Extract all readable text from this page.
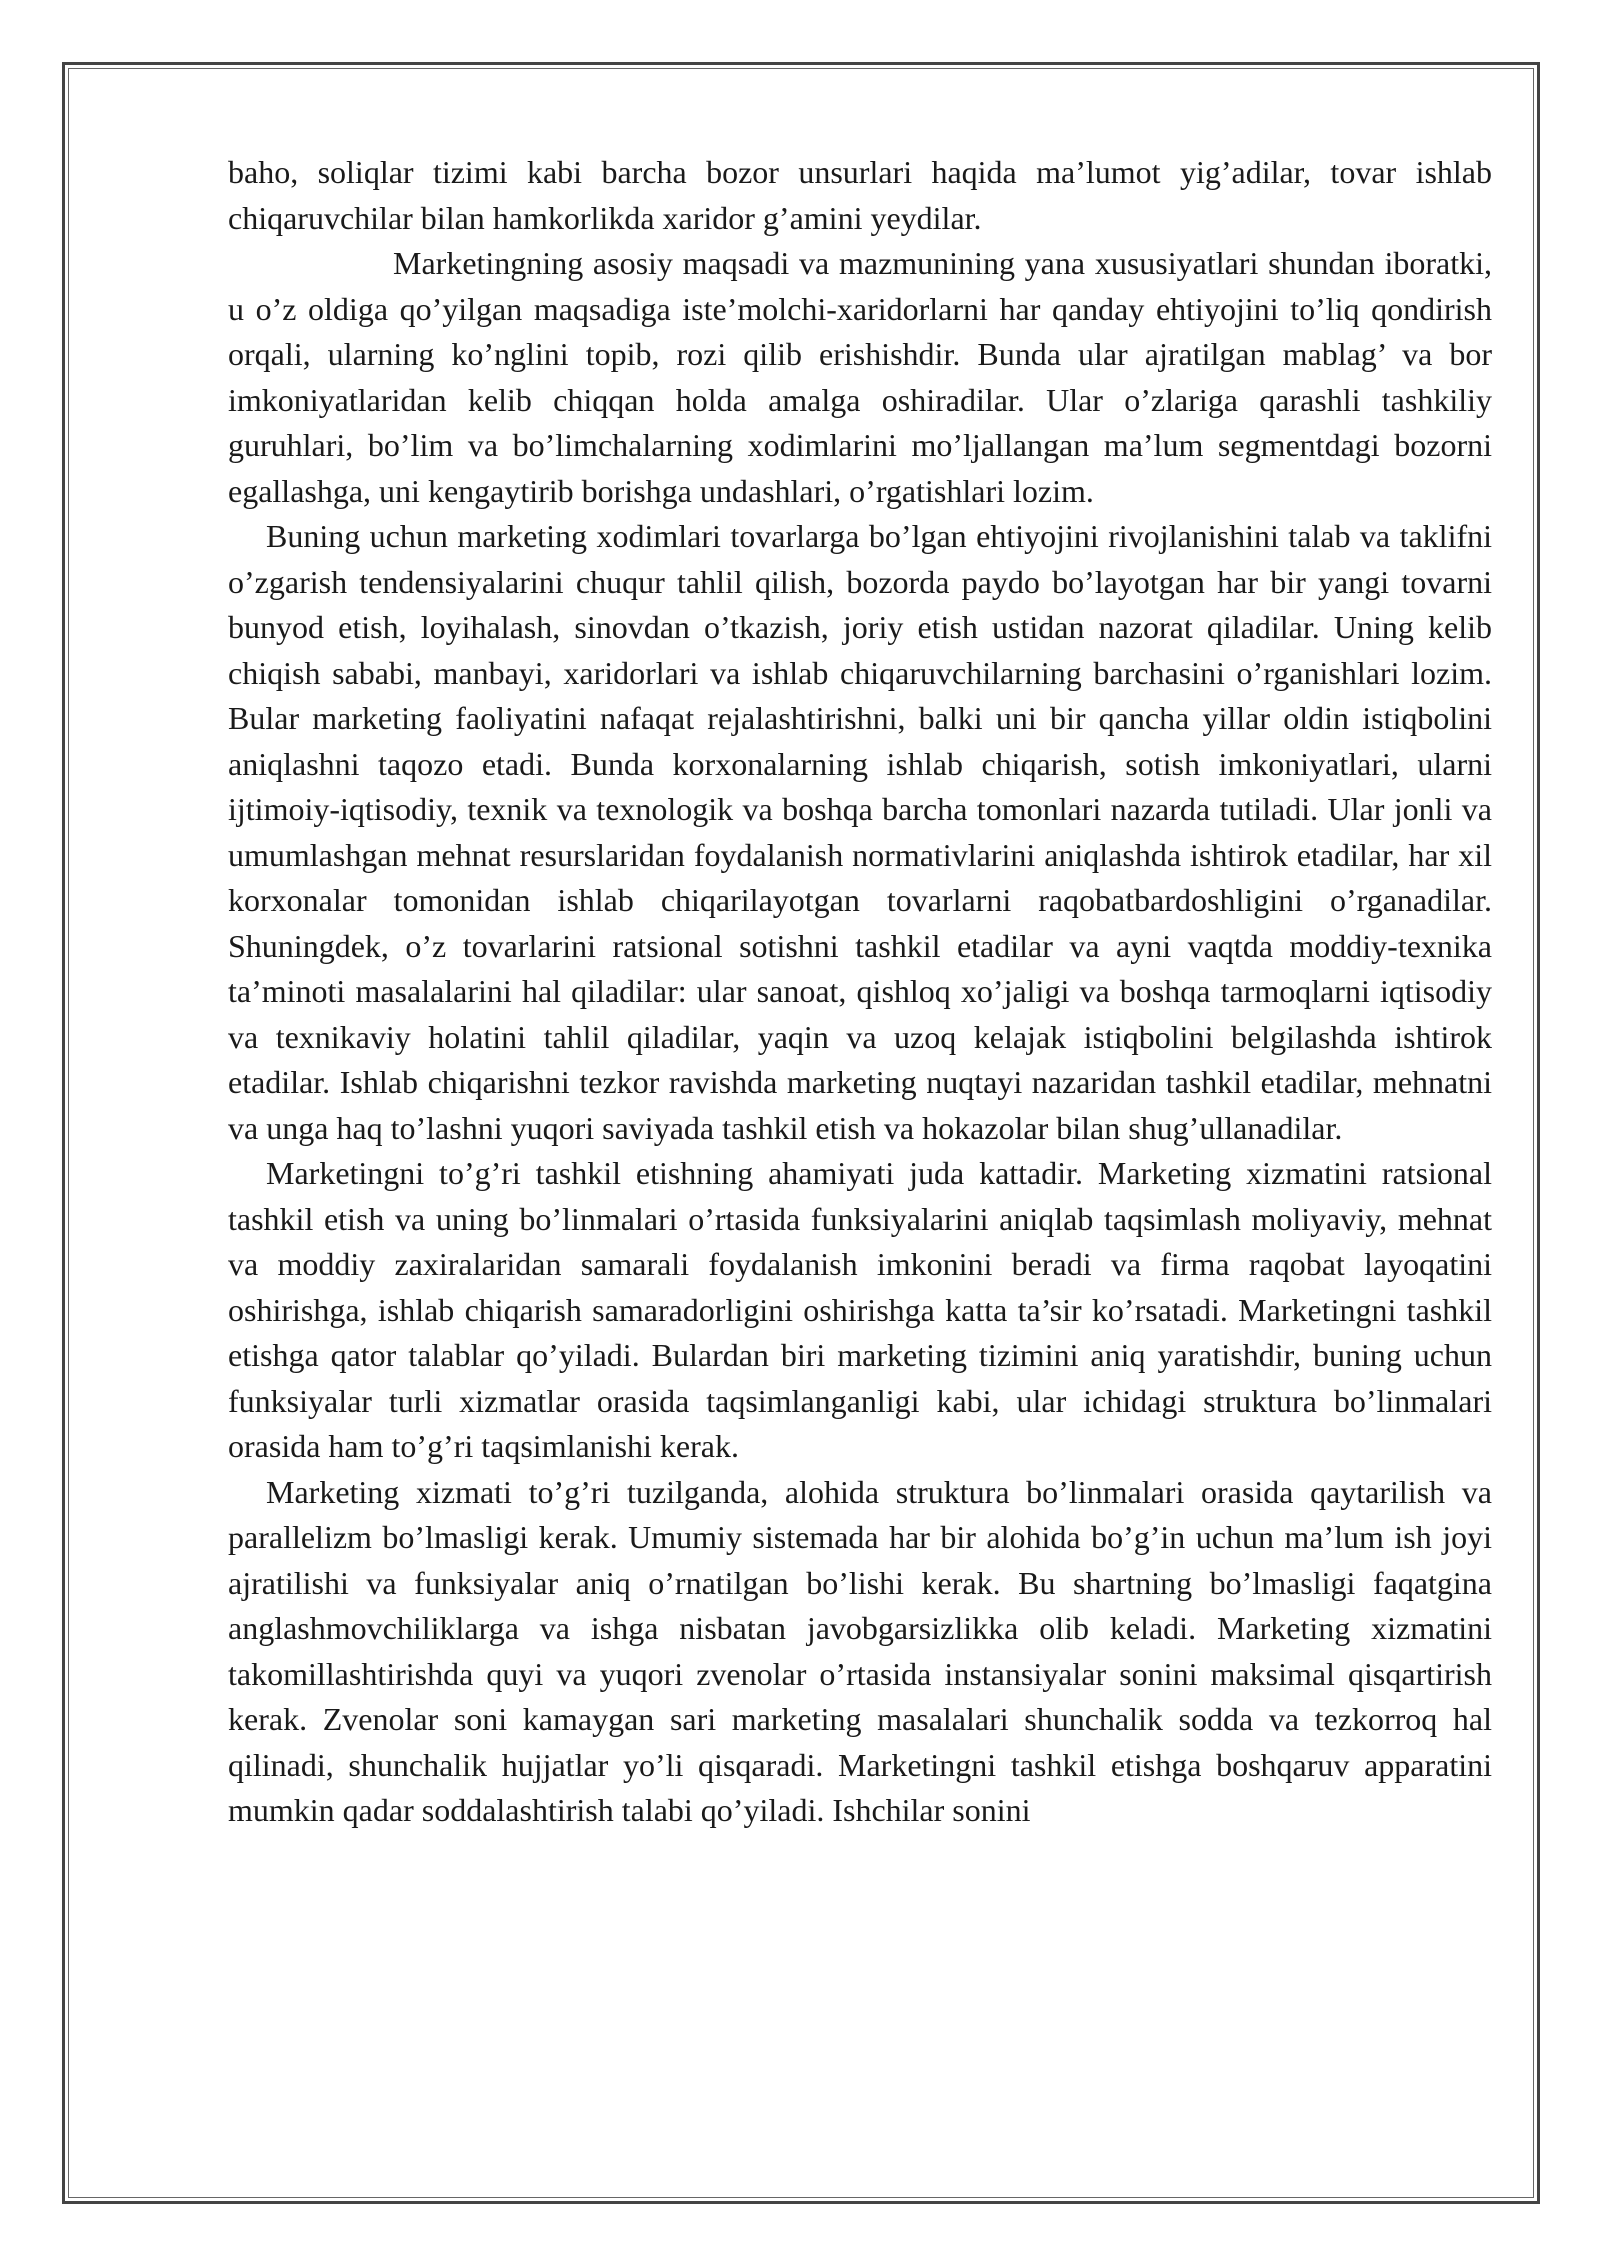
baho, soliqlar tizimi kabi barcha bozor unsurlari haqida ma’lumot yig’adilar, tovar ishlab chiqaruvchilar bilan hamkorlikda xaridor g’amini yeydilar.

Marketingning asosiy maqsadi va mazmunining yana xususiyatlari shundan iboratki, u o’z oldiga qo’yilgan maqsadiga iste’molchi-xaridorlarni har qanday ehtiyojini to’liq qondirish orqali, ularning ko’nglini topib, rozi qilib erishishdir. Bunda ular ajratilgan mablag’ va bor imkoniyatlaridan kelib chiqqan holda amalga oshiradilar. Ular o’zlariga qarashli tashkiliy guruhlari, bo’lim va bo’limchalarning xodimlarini mo’ljallangan ma’lum segmentdagi bozorni egallashga, uni kengaytirib borishga undashlari, o’rgatishlari lozim.

Buning uchun marketing xodimlari tovarlarga bo’lgan ehtiyojini rivojlanishini talab va taklifni o’zgarish tendensiyalarini chuqur tahlil qilish, bozorda paydo bo’layotgan har bir yangi tovarni bunyod etish, loyihalash, sinovdan o’tkazish, joriy etish ustidan nazorat qiladilar. Uning kelib chiqish sababi, manbayi, xaridorlari va ishlab chiqaruvchilarning barchasini o’rganishlari lozim. Bular marketing faoliyatini nafaqat rejalashtirishni, balki uni bir qancha yillar oldin istiqbolini aniqlashni taqozo etadi. Bunda korxonalarning ishlab chiqarish, sotish imkoniyatlari, ularni ijtimoiy-iqtisodiy, texnik va texnologik va boshqa barcha tomonlari nazarda tutiladi. Ular jonli va umumlashgan mehnat resurslaridan foydalanish normativlarini aniqlashda ishtirok etadilar, har xil korxonalar tomonidan ishlab chiqarilayotgan tovarlarni raqobatbardoshligini o’rganadilar. Shuningdek, o’z tovarlarini ratsional sotishni tashkil etadilar va ayni vaqtda moddiy-texnika ta’minoti masalalarini hal qiladilar: ular sanoat, qishloq xo’jaligi va boshqa tarmoqlarni iqtisodiy va texnikaviy holatini tahlil qiladilar, yaqin va uzoq kelajak istiqbolini belgilashda ishtirok etadilar. Ishlab chiqarishni tezkor ravishda marketing nuqtayi nazaridan tashkil etadilar, mehnatni va unga haq to’lashni yuqori saviyada tashkil etish va hokazolar bilan shug’ullanadilar.

Marketingni to’g’ri tashkil etishning ahamiyati juda kattadir. Marketing xizmatini ratsional tashkil etish va uning bo’linmalari o’rtasida funksiyalarini aniqlab taqsimlash moliyaviy, mehnat va moddiy zaxiralaridan samarali foydalanish imkonini beradi va firma raqobat layoqatini oshirishga, ishlab chiqarish samaradorligini oshirishga katta ta’sir ko’rsatadi. Marketingni tashkil etishga qator talablar qo’yiladi. Bulardan biri marketing tizimini aniq yaratishdir, buning uchun funksiyalar turli xizmatlar orasida taqsimlanganligi kabi, ular ichidagi struktura bo’linmalari orasida ham to’g’ri taqsimlanishi kerak.

Marketing xizmati to’g’ri tuzilganda, alohida struktura bo’linmalari orasida qaytarilish va parallelizm bo’lmasligi kerak. Umumiy sistemada har bir alohida bo’g’in uchun ma’lum ish joyi ajratilishi va funksiyalar aniq o’rnatilgan bo’lishi kerak. Bu shartning bo’lmasligi faqatgina anglashmovchiliklarga va ishga nisbatan javobgarsizlikka olib keladi. Marketing xizmatini takomillashtirishda quyi va yuqori zvenolar o’rtasida instansiyalar sonini maksimal qisqartirish kerak. Zvenolar soni kamaygan sari marketing masalalari shunchalik sodda va tezkorroq hal qilinadi, shunchalik hujjatlar yo’li qisqaradi. Marketingni tashkil etishga boshqaruv apparatini mumkin qadar soddalashtirish talabi qo’yiladi. Ishchilar sonini
